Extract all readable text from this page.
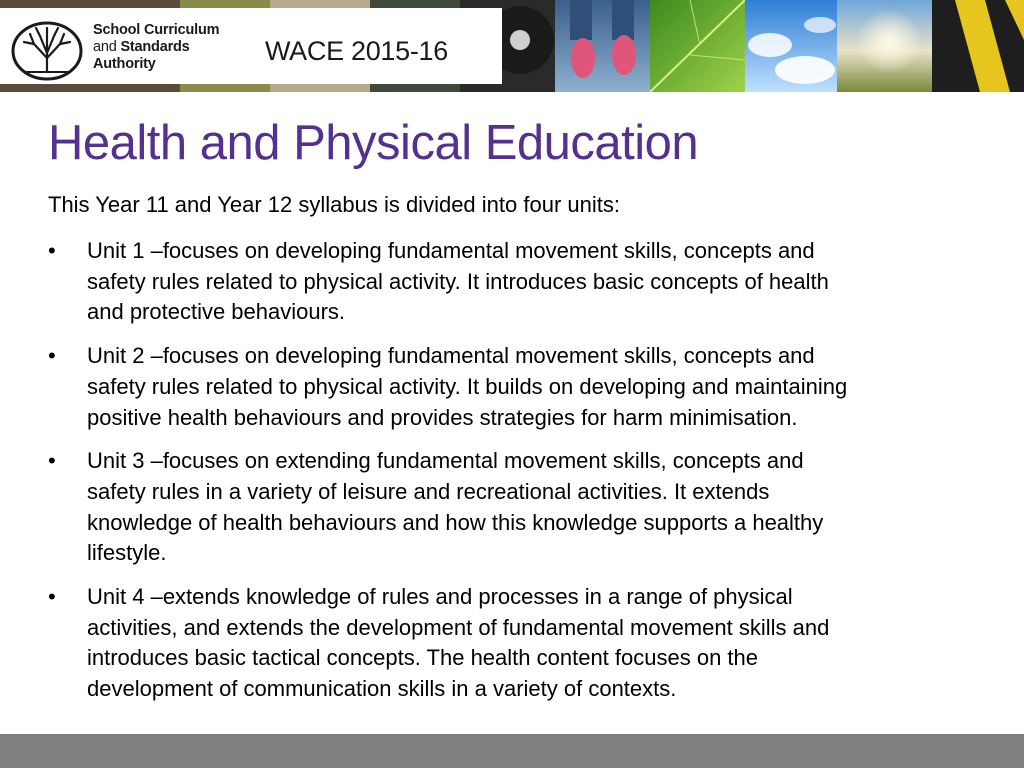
School Curriculum
and Standards
Authority	WACE 2015-16
Health and Physical Education
This Year 11 and Year 12 syllabus is divided into four units:
•	Unit 1 –focuses on developing fundamental movement skills, concepts and
safety rules related to physical activity. It introduces basic concepts of health
and protective behaviours.
•	Unit 2 –focuses on developing fundamental movement skills, concepts and
safety rules related to physical activity. It builds on developing and maintaining
positive health behaviours and provides strategies for harm minimisation.
•	Unit 3 –focuses on extending fundamental movement skills, concepts and
safety rules in a variety of leisure and recreational activities. It extends
knowledge of health behaviours and how this knowledge supports a healthy
lifestyle.
•	Unit 4 –extends knowledge of rules and processes in a range of physical
activities, and extends the development of fundamental movement skills and
introduces basic tactical concepts. The health content focuses on the
development of communication skills in a variety of contexts.
